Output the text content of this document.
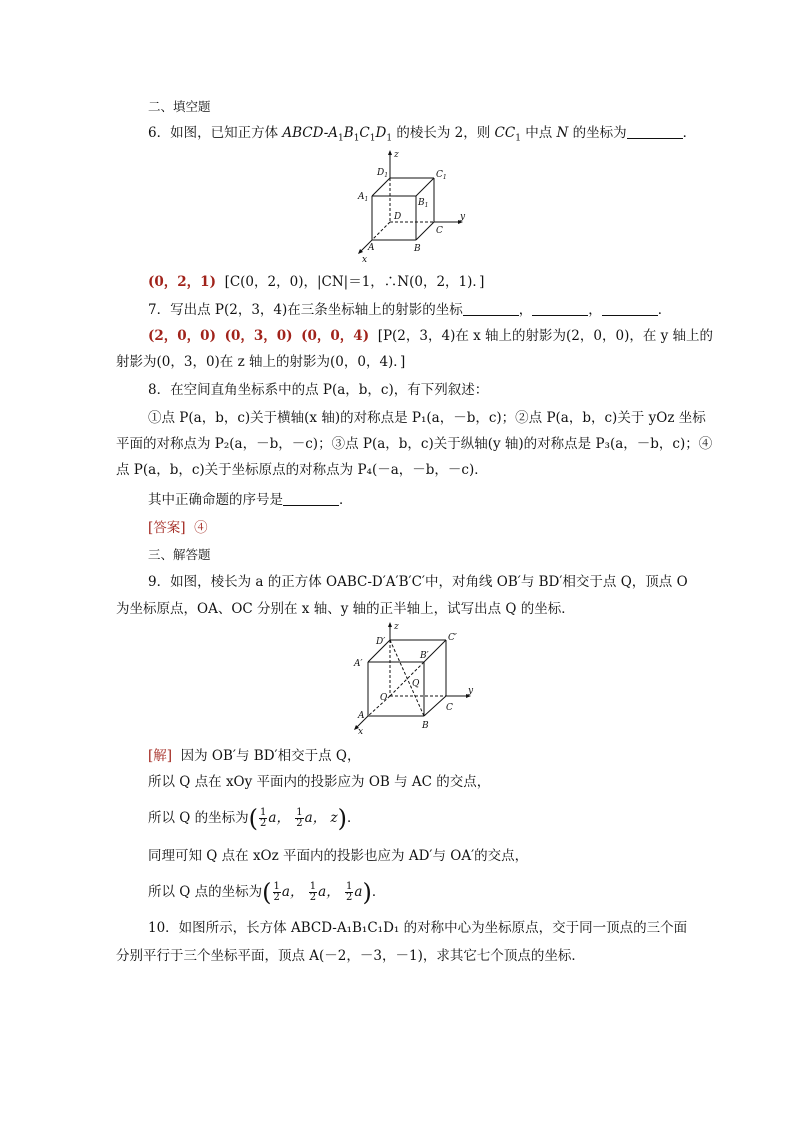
二、填空题
6．如图，已知正方体 ABCD-$A_1B_1C_1D_1$ 的棱长为 2，则 $CC_1$ 中点 N 的坐标为	．
z
y
x
$D_1$	$C_1$
$A_1$	$B_1$
D
A	B
C
(0，2，1) [C(0，2，0)，|CN|＝1，∴N(0，2，1)．]
7．写出点 P(2，3，4)在三条坐标轴上的射影的坐标	，	，	．
(2，0，0) (0，3，0) (0，0，4) [P(2，3，4)在 x 轴上的射影为(2，0，0)，在 y 轴上的
射影为(0，3，0)在 z 轴上的射影为(0，0，4)．]
8．在空间直角坐标系中的点 P(a，b，c)，有下列叙述：
①点 P(a，b，c)关于横轴(x 轴)的对称点是 P₁(a，－b，c)；②点 P(a，b，c)关于 yOz 坐标
平面的对称点为 P₂(a，－b，－c)；③点 P(a，b，c)关于纵轴(y 轴)的对称点是 P₃(a，－b，c)；④
点 P(a，b，c)关于坐标原点的对称点为 P₄(－a，－b，－c)．
其中正确命题的序号是	．
[答案] ④
三、解答题
9．如图，棱长为 a 的正方体 OABC-D′A′B′C′中，对角线 OB′与 BD′相交于点 Q，顶点 O
为坐标原点，OA、OC 分别在 x 轴、y 轴的正半轴上，试写出点 Q 的坐标．
z
y
x
D′	C′
A′
B′
Q
O
A
B
C
[解] 因为 OB′与 BD′相交于点 Q，
所以 Q 点在 xOy 平面内的投影应为 OB 与 AC 的交点，
所以 Q 的坐标为( $\frac{1}{2}$ a， $\frac{1}{2}$ a， z)．
同理可知 Q 点在 xOz 平面内的投影也应为 AD′与 OA′的交点，
所以 Q 点的坐标为( $\frac{1}{2}$ a， $\frac{1}{2}$ a， $\frac{1}{2} a$)．
10．如图所示，长方体 ABCD-A₁B₁C₁D₁ 的对称中心为坐标原点，交于同一顶点的三个面
分别平行于三个坐标平面，顶点 A(－2，－3，－1)，求其它七个顶点的坐标．
